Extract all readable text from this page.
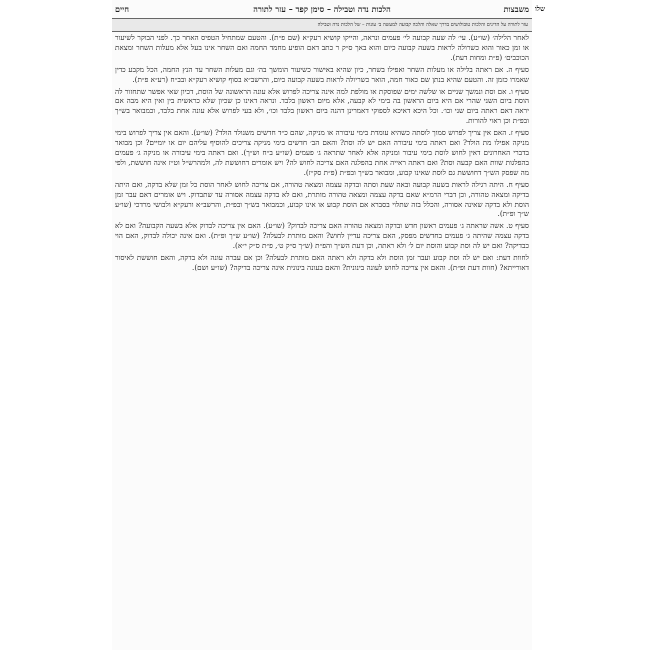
משבצות
הלכות נדה וטבילה – סימן קפד – עזר לתורה
חיים
עזר לתורה על הדינים והלכות טובולושים בדרך שאלה והלכה קבועה למעשה ב׳ עונות – של הלכות נדה וטבילה

לאחר הלילה׳ (שו״ע). עי׳ לה שעה קבועה לי׳ פעמים ונראה, והייקו קושיא רעק״א (שם פ״ת). והטעם שמתחיל הטפיס האחר כך. לפני הבוקר לשיעור או זמן כאור והוא כשרולה לראות בשעה קבועה כיום והוא באך ס״ק ר כתב דאם הופיע מחמד החמה ואם השחר אינו בעל אלא מעלות השחר ומצאת הכוכבים׳ (פ״ת ומחות דעת).

סעיף ה. אם ראתה בלילה או מעלות השחר ואפילו בשחר, כיון שהיא באישור כשיעור הומשך בה׳ וגם מעלות השחר עד הנץ החמה, הכל מקבע כדין שאמרו כזמן זה. והטעם שהיא בנתן שם כאור חמה, הואר כשריולה לראות בשעה קבועה כיום, והרשב״א בסוף קושיא רעק״א ובב״ח (רע״א פ״ת).

סעיף ו. אם וסת ונמשך שניים או שלשה ימים שפוסקת או מולפת למה אינה צריכה לפרוש אלא עונה הראשונה של הוסת, דכיון שאי אפשר שתחזור לה הוסת ביום השני שהרי אם היא ביום הראשון בה בימי לא קבעה, אלא מיום ראשון בלבד. ונראה דאינו כן שכיון שלא כראשית בין ואין היא מבה אם יראה דאם ראתה ביום שני וכו׳. וכל היכא דאיכא לספוקי דאמרינן דהנה ביום ראשון בלבד וכו׳, ולא בעי לפרוש אלא עונה אחת בלבד, וכמבואר בש״ך ובפ״ת וכן ראוי להורות.

סעיף ז. האם אין צריך לפרוש סמוך לוסתה כשהיא עומדת בימי עיבורה או מניקה, שהם כ״ד חדשים משנולד הולד? (שו״ע). והאם אין צריך לפרוש בימי מניקה אפילו מת הולד? ואם ראתה בימי עיבורה האם יש לה וסת? והאם הב׳ חדשים בימי מניקה צריכים להוסיף עליהם יום או יומיים? וכן מבואר בדברי האחרונים דאין לחוש לוסת בימי עיבור ומניקה אלא לאחר שתראה ג׳ פעמים (שו״ע ב״ח וש״ך). ואם ראתה בימי עיבורה או מניקה ג׳ פעמים בהפלגות שוות האם קבעה וסת? ואם ראתה ראייה אחת בהפלגה האם צריכה לחוש לה? ויש אומרים דחוששת לה, ולמהרש״ל וט״ז אינה חוששת, ולפי מה שפסק הש״ך דחוששת גם לוסת שאינו קבוע, ומבואר בש״ך ובפ״ת (פ״ת סק״ז).

סעיף ח. היתה רגילה לראות בשעה קבועה ובאה שעת וסתה ובדקה עצמה ומצאה טהורה, אם צריכה לחוש לאחר הוסת כל זמן שלא בדקה, ואם היתה בדיקה ומצאה טהורה, וכן דברי הרמ״א שאם בדקה עצמה ומצאה טהורה מותרת, ואם לא בדקה עצמה אסורה עד שתבדוק. ויש אומרים דאם עבר זמן הוסת ולא בדקה שאינה אסורה, והכלל בזה שתלוי בסברא אם הוסת קבוע או אינו קבוע, וכמבואר בש״ך ובפ״ת, והרשב״א ורעק״א ולבושי מרדכי (שו״ע ש״ך ופ״ת).

סעיף ט. אשה שראתה ג׳ פעמים ראשון חדש ובדקה ומצאה טהורה האם צריכה לבדוק? (שו״ע). האם אין צריכה לבדוק אלא בשעה הקבועה? ואם לא בדקה עצמה שהיתה ג׳ פעמים בחדשים מפסק, האם צריכה עדיין לחוש? והאם מותרת לבעלה? (שו״ע ש״ך ופ״ת). ואם אינה יכולה לבדוק, האם הוי כבדיקה? ואם יש לה וסת קבוע והוסת יום ל׳ ולא ראתה, וכן דעת הש״ך והפ״ת (ש״ך ס״ק ט׳, פ״ת ס״ק י״א).

לחוות דעת: ואם יש לה וסת קבוע ועבר זמן הוסת ולא בדקה ולא ראתה האם מותרת לבעלה? וכן אם עברה עונה ולא בדקה, והאם חוששת לאיסור דאורייתא? (חוות דעת ופ״ת). והאם אין צריכה לחוש לעונה בינונית? והאם בעונה בינונית אינה צריכה בדיקה? (שו״ע ושם).

שלו
